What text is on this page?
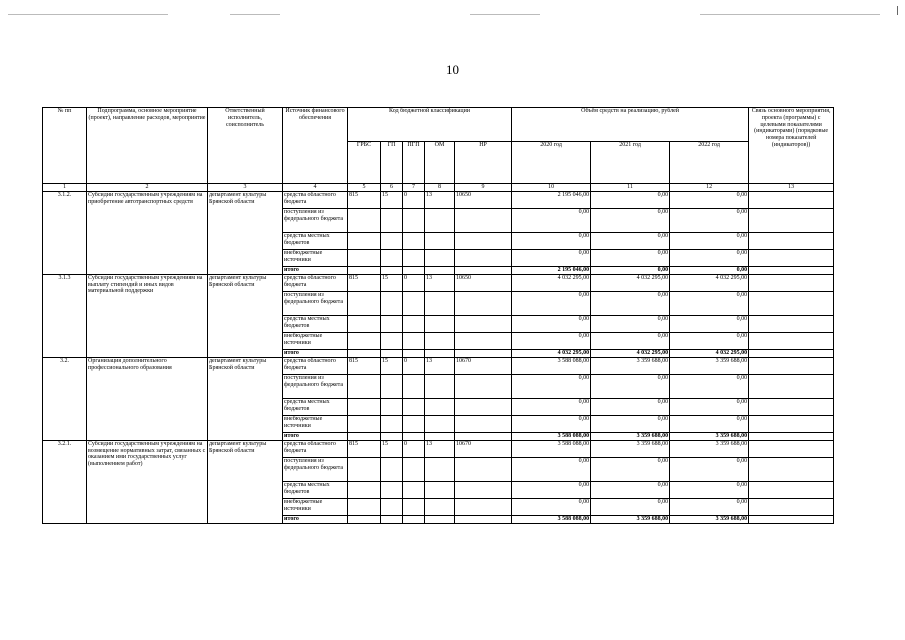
10
№ пп	Подпрограмма, основное мероприятие (проект), направление расходов, мероприятие	Ответственный исполнитель, соисполнитель	Источник финансового обеспечения	Код бюджетной классификации					Объём средств на реализацию, рублей			Связь основного мероприятия, проекта (программы) с целевыми показателями (индикаторами) (порядковые номера показателей (индикаторов))
				ГРБС	ГП	ПГП	ОМ	НР	2020 год	2021 год	2022 год	
1	2	3	4	5	6	7	8	9	10	11	12	13
3.1.2.	Субсидии государственным учреждениям на приобретение автотранспортных средств	департамент культуры Брянской области	средства областного бюджета	815	15	0	13	10650	2 195 046,00	0,00	0,00	
			поступления из федерального бюджета						0,00	0,00	0,00	
			средства местных бюджетов						0,00	0,00	0,00	
			внебюджетные источники						0,00	0,00	0,00	
			итого						2 195 046,00	0,00	0,00	
3.1.3	Субсидии государственным учреждениям на выплату стипендий и иных видов материальной поддержки	департамент культуры Брянской области	средства областного бюджета	815	15	0	13	10650	4 032 295,00	4 032 295,00	4 032 295,00	
			поступления из федерального бюджета						0,00	0,00	0,00	
			средства местных бюджетов						0,00	0,00	0,00	
			внебюджетные источники						0,00	0,00	0,00	
			итого						4 032 295,00	4 032 295,00	4 032 295,00	
3.2.	Организация дополнительного профессионального образования	департамент культуры Брянской области	средства областного бюджета	815	15	0	13	10670	3 588 088,00	3 359 688,00	3 359 688,00	
			поступления из федерального бюджета						0,00	0,00	0,00	
			средства местных бюджетов						0,00	0,00	0,00	
			внебюджетные источники						0,00	0,00	0,00	
			итого						3 588 088,00	3 359 688,00	3 359 688,00	
3.2.1.	Субсидии государственным учреждениям на возмещение нормативных затрат, связанных с оказанием ими государственных услуг (выполнением работ)	департамент культуры Брянской области	средства областного бюджета	815	15	0	13	10670	3 588 088,00	3 359 688,00	3 359 688,00	
			поступления из федерального бюджета						0,00	0,00	0,00	
			средства местных бюджетов						0,00	0,00	0,00	
			внебюджетные источники						0,00	0,00	0,00	
			итого						3 588 088,00	3 359 688,00	3 359 688,00	
